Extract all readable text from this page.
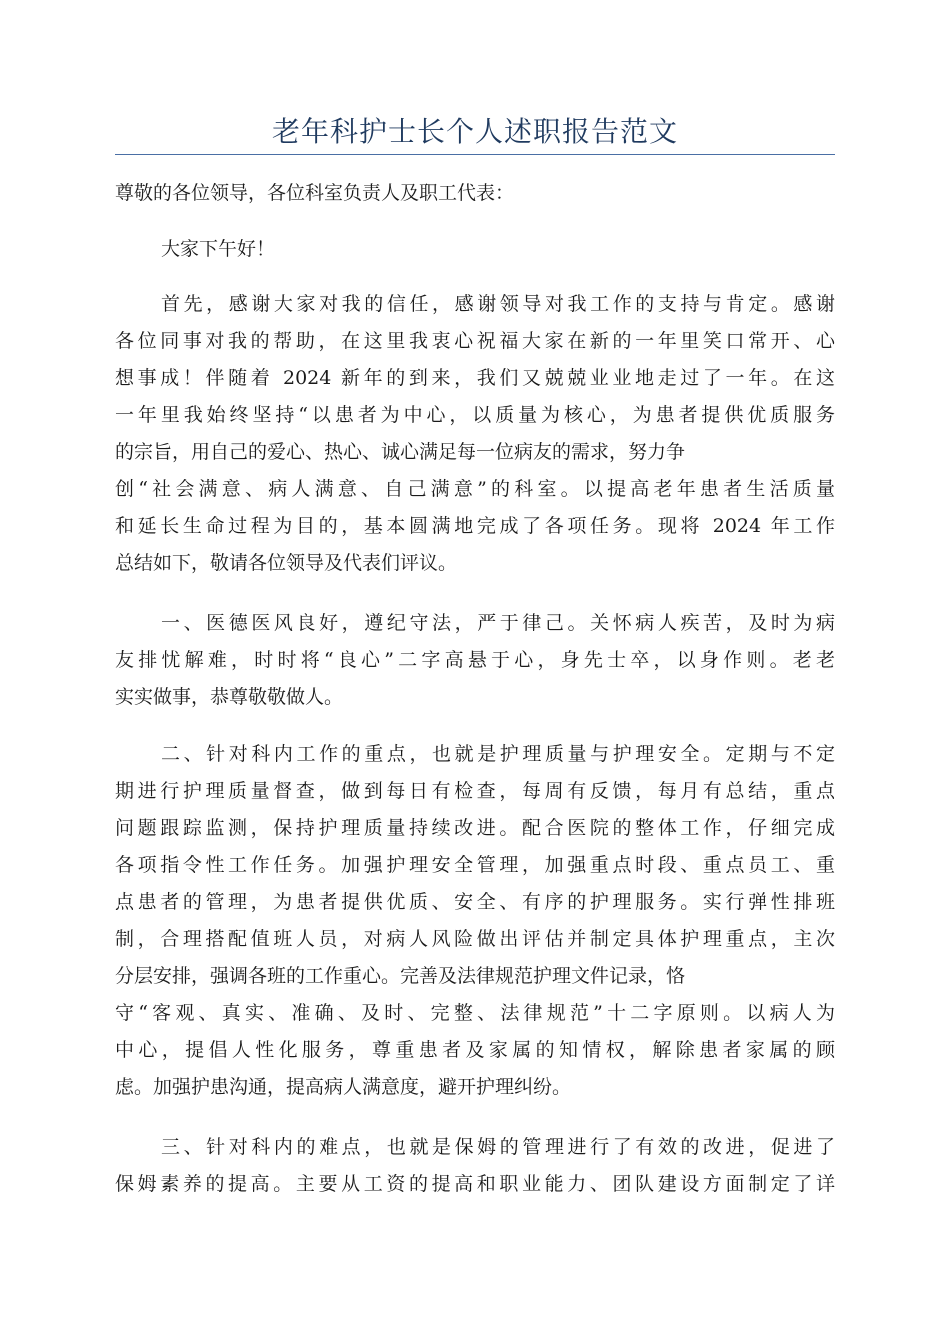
老年科护士长个人述职报告范文
尊敬的各位领导，各位科室负责人及职工代表：
大家下午好！
首先，感谢大家对我的信任，感谢领导对我工作的支持与肯定。感谢
各位同事对我的帮助，在这里我衷心祝福大家在新的一年里笑口常开、心
想事成！伴随着 2024 新年的到来，我们又兢兢业业地走过了一年。在这
一年里我始终坚持“以患者为中心，以质量为核心，为患者提供优质服务
的宗旨，用自己的爱心、热心、诚心满足每一位病友的需求，努力争
创“社会满意、病人满意、自己满意”的科室。以提高老年患者生活质量
和延长生命过程为目的，基本圆满地完成了各项任务。现将 2024 年工作
总结如下，敬请各位领导及代表们评议。
一、医德医风良好，遵纪守法，严于律己。关怀病人疾苦，及时为病
友排忧解难，时时将“良心”二字高悬于心，身先士卒，以身作则。老老
实实做事，恭尊敬敬做人。
二、针对科内工作的重点，也就是护理质量与护理安全。定期与不定
期进行护理质量督查，做到每日有检查，每周有反馈，每月有总结，重点
问题跟踪监测，保持护理质量持续改进。配合医院的整体工作，仔细完成
各项指令性工作任务。加强护理安全管理，加强重点时段、重点员工、重
点患者的管理，为患者提供优质、安全、有序的护理服务。实行弹性排班
制，合理搭配值班人员，对病人风险做出评估并制定具体护理重点，主次
分层安排，强调各班的工作重心。完善及法律规范护理文件记录，恪
守“客观、真实、准确、及时、完整、法律规范”十二字原则。以病人为
中心，提倡人性化服务，尊重患者及家属的知情权，解除患者家属的顾
虑。加强护患沟通，提高病人满意度，避开护理纠纷。
三、针对科内的难点，也就是保姆的管理进行了有效的改进，促进了
保姆素养的提高。主要从工资的提高和职业能力、团队建设方面制定了详
